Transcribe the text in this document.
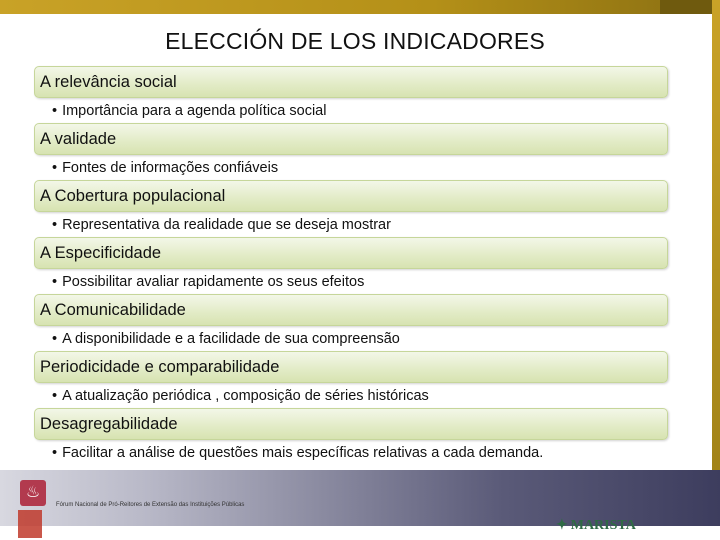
ELECCIÓN DE LOS INDICADORES
A relevância social
• Importância para a agenda política social
A validade
• Fontes de informações confiáveis
A Cobertura populacional
• Representativa da realidade que se deseja mostrar
A Especificidade
• Possibilitar avaliar rapidamente os seus efeitos
A Comunicabilidade
• A disponibilidade e a facilidade de sua compreensão
Periodicidade e comparabilidade
• A atualização periódica , composição de séries históricas
Desagregabilidade
• Facilitar a análise de questões mais específicas relativas a cada demanda.
♨
Fórum Nacional de Pró-Reitores de Extensão das Instituições Públicas
✦ MARISTA
